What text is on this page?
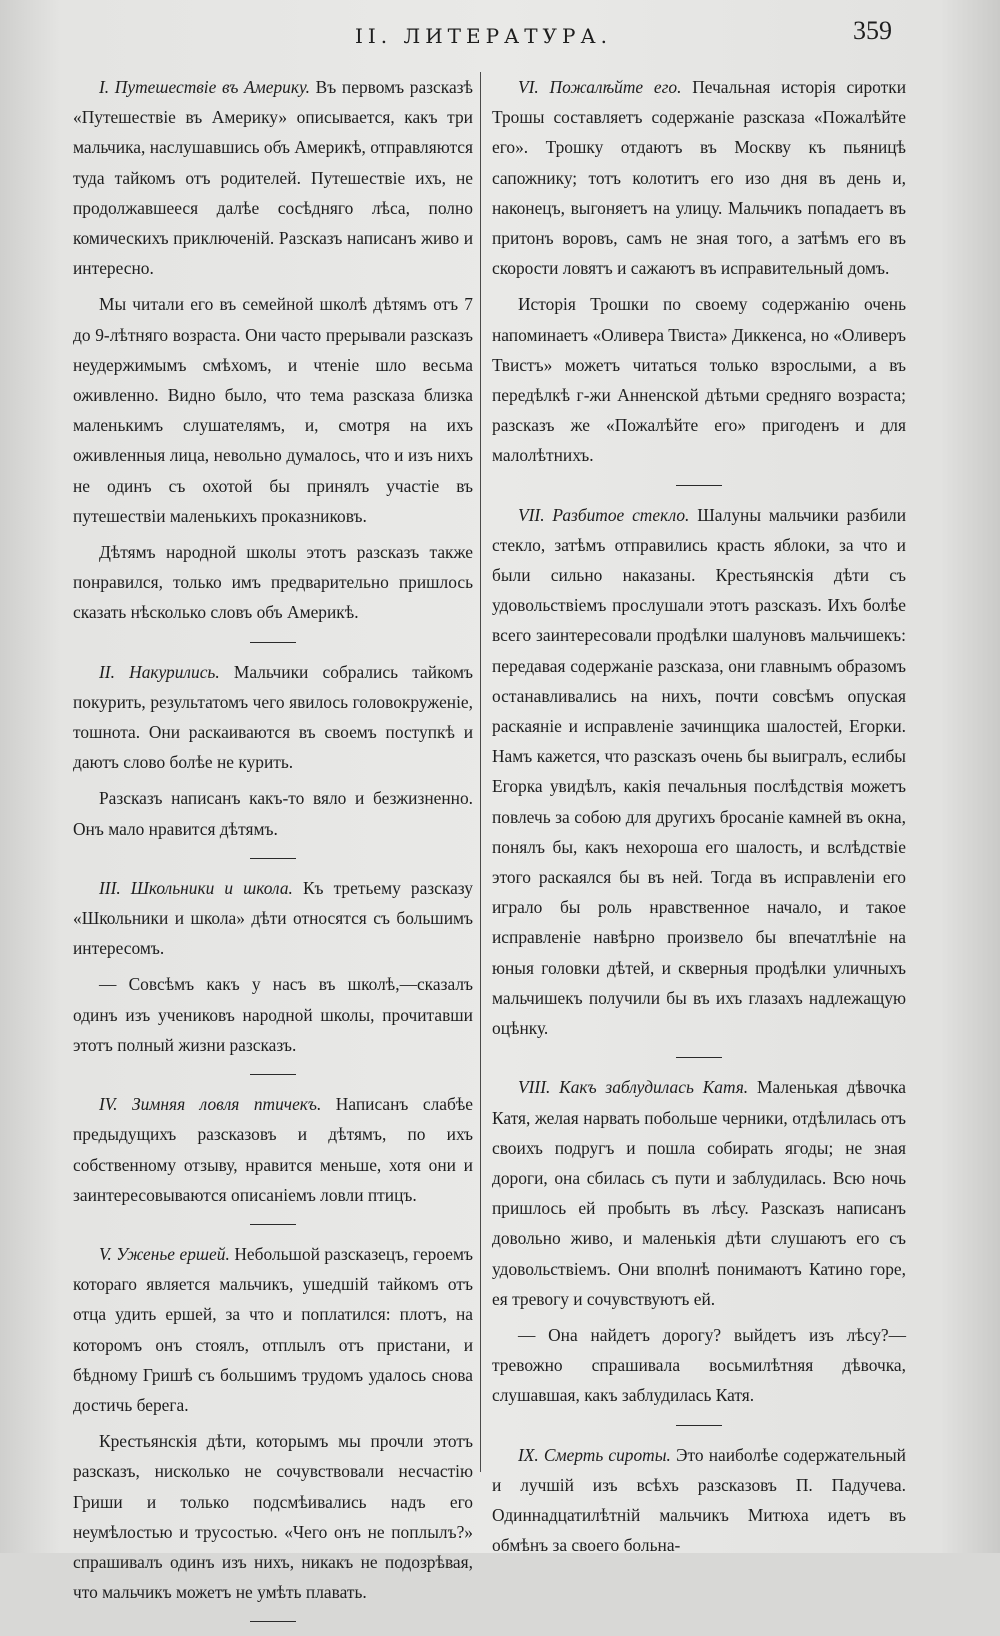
II. ЛИТЕРАТУРА.	359

I. Путешествіе въ Америку. Въ первомъ разсказѣ «Путешествіе въ Америку» описывается, какъ три мальчика, наслушавшись объ Америкѣ, отправляются туда тайкомъ отъ родителей. Путешествіе ихъ, не продолжавшееся далѣе сосѣдняго лѣса, полно комическихъ приключеній. Разсказъ написанъ живо и интересно.

Мы читали его въ семейной школѣ дѣтямъ отъ 7 до 9-лѣтняго возраста. Они часто прерывали разсказъ неудержимымъ смѣхомъ, и чтеніе шло весьма оживленно. Видно было, что тема разсказа близка маленькимъ слушателямъ, и, смотря на ихъ оживленныя лица, невольно думалось, что и изъ нихъ не одинъ съ охотой бы принялъ участіе въ путешествіи маленькихъ проказниковъ.

Дѣтямъ народной школы этотъ разсказъ также понравился, только имъ предварительно пришлось сказать нѣсколько словъ объ Америкѣ.

II. Накурились. Мальчики собрались тайкомъ покурить, результатомъ чего явилось головокруженіе, тошнота. Они раскаиваются въ своемъ поступкѣ и даютъ слово болѣе не курить.

Разсказъ написанъ какъ-то вяло и безжизненно. Онъ мало нравится дѣтямъ.

III. Школьники и школа. Къ третьему разсказу «Школьники и школа» дѣти относятся съ большимъ интересомъ.

— Совсѣмъ какъ у насъ въ школѣ,—сказалъ одинъ изъ учениковъ народной школы, прочитавши этотъ полный жизни разсказъ.

IV. Зимняя ловля птичекъ. Написанъ слабѣе предыдущихъ разсказовъ и дѣтямъ, по ихъ собственному отзыву, нравится меньше, хотя они и заинтересовываются описаніемъ ловли птицъ.

V. Уженье ершей. Небольшой разсказецъ, героемъ котораго является мальчикъ, ушедшій тайкомъ отъ отца удить ершей, за что и поплатился: плотъ, на которомъ онъ стоялъ, отплылъ отъ пристани, и бѣдному Гришѣ съ большимъ трудомъ удалось снова достичь берега.

Крестьянскія дѣти, которымъ мы прочли этотъ разсказъ, нисколько не сочувствовали несчастію Гриши и только подсмѣивались надъ его неумѣлостью и трусостью. «Чего онъ не поплылъ?» спрашивалъ одинъ изъ нихъ, никакъ не подозрѣвая, что мальчикъ можетъ не умѣть плавать.

VI. Пожалѣйте его. Печальная исторія сиротки Трошы составляетъ содержаніе разсказа «Пожалѣйте его». Трошку отдаютъ въ Москву къ пьяницѣ сапожнику; тотъ колотитъ его изо дня въ день и, наконецъ, выгоняетъ на улицу. Мальчикъ попадаетъ въ притонъ воровъ, самъ не зная того, а затѣмъ его въ скорости ловятъ и сажаютъ въ исправительный домъ.

Исторія Трошки по своему содержанію очень напоминаетъ «Оливера Твиста» Диккенса, но «Оливеръ Твистъ» можетъ читаться только взрослыми, а въ передѣлкѣ г-жи Анненской дѣтьми средняго возраста; разсказъ же «Пожалѣйте его» пригоденъ и для малолѣтнихъ.

VII. Разбитое стекло. Шалуны мальчики разбили стекло, затѣмъ отправились красть яблоки, за что и были сильно наказаны. Крестьянскія дѣти съ удовольствіемъ прослушали этотъ разсказъ. Ихъ болѣе всего заинтересовали продѣлки шалуновъ мальчишекъ: передавая содержаніе разсказа, они главнымъ образомъ останавливались на нихъ, почти совсѣмъ опуская раскаяніе и исправленіе зачинщика шалостей, Егорки. Намъ кажется, что разсказъ очень бы выигралъ, еслибы Егорка увидѣлъ, какія печальныя послѣдствія можетъ повлечь за собою для другихъ бросаніе камней въ окна, понялъ бы, какъ нехороша его шалость, и вслѣдствіе этого раскаялся бы въ ней. Тогда въ исправленіи его играло бы роль нравственное начало, и такое исправленіе навѣрно произвело бы впечатлѣніе на юныя головки дѣтей, и скверныя продѣлки уличныхъ мальчишекъ получили бы въ ихъ глазахъ надлежащую оцѣнку.

VIII. Какъ заблудилась Катя. Маленькая дѣвочка Катя, желая нарвать побольше черники, отдѣлилась отъ своихъ подругъ и пошла собирать ягоды; не зная дороги, она сбилась съ пути и заблудилась. Всю ночь пришлось ей пробыть въ лѣсу. Разсказъ написанъ довольно живо, и маленькія дѣти слушаютъ его съ удовольствіемъ. Они вполнѣ понимаютъ Катино горе, ея тревогу и сочувствуютъ ей.

— Она найдетъ дорогу? выйдетъ изъ лѣсу?—тревожно спрашивала восьмилѣтняя дѣвочка, слушавшая, какъ заблудилась Катя.

IX. Смерть сироты. Это наиболѣе содержательный и лучшій изъ всѣхъ разсказовъ П. Падучева. Одиннадцатилѣтній мальчикъ Митюха идетъ въ обмѣнъ за своего больна-
